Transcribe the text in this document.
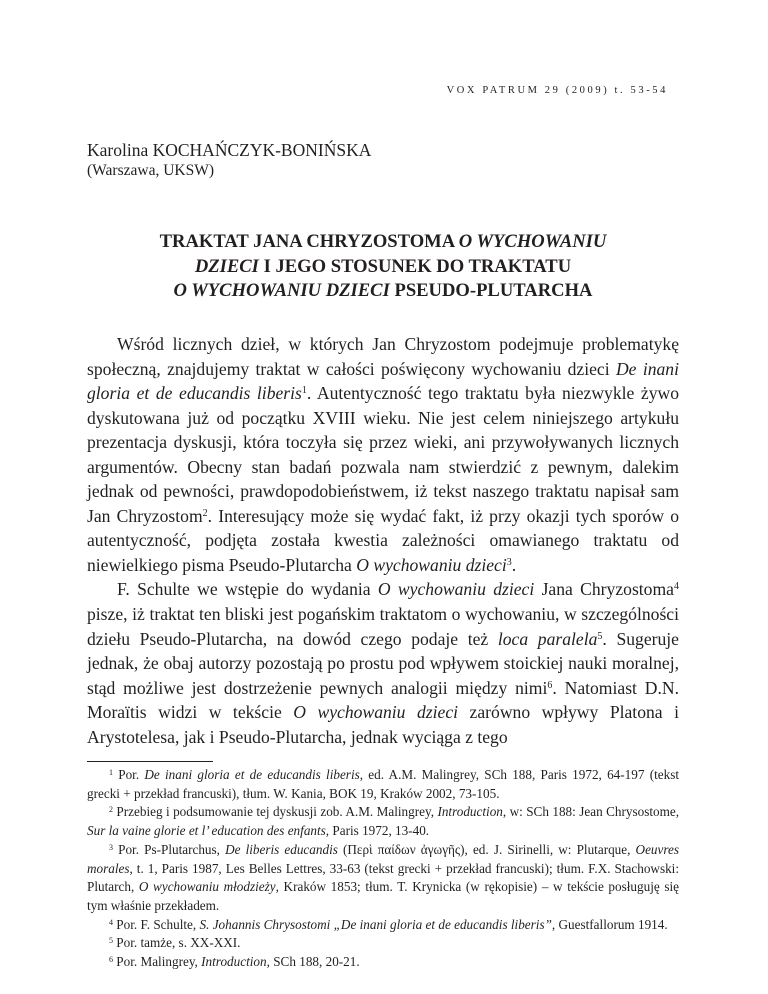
VOX PATRUM 29 (2009) t. 53-54
Karolina KOCHAŃCZYK-BONIŃSKA
(Warszawa, UKSW)
TRAKTAT JANA CHRYZOSTOMA O WYCHOWANIU
DZIECI I JEGO STOSUNEK DO TRAKTATU
O WYCHOWANIU DZIECI PSEUDO-PLUTARCHA

Wśród licznych dzieł, w których Jan Chryzostom podejmuje problematykę społeczną, znajdujemy traktat w całości poświęcony wychowaniu dzieci De inani gloria et de educandis liberis$^1$. Autentyczność tego traktatu była niezwykle żywo dyskutowana już od początku XVIII wieku. Nie jest celem niniejszego artykułu prezentacja dyskusji, która toczyła się przez wieki, ani przywoływanych licznych argumentów. Obecny stan badań pozwala nam stwierdzić z pewnym, dalekim jednak od pewności, prawdopodobieństwem, iż tekst naszego traktatu napisał sam Jan Chryzostom$^2$. Interesujący może się wydać fakt, iż przy okazji tych sporów o autentyczność, podjęta została kwestia zależności omawianego traktatu od niewielkiego pisma Pseudo-Plutarcha O wychowaniu dzieci$^3$.

F. Schulte we wstępie do wydania O wychowaniu dzieci Jana Chryzostoma$^4$ pisze, iż traktat ten bliski jest pogańskim traktatom o wychowaniu, w szczególności dziełu Pseudo-Plutarcha, na dowód czego podaje też loca paralela$^5$. Sugeruje jednak, że obaj autorzy pozostają po prostu pod wpływem stoickiej nauki moralnej, stąd możliwe jest dostrzeżenie pewnych analogii między nimi$^6$. Natomiast D.N. Moraïtis widzi w tekście O wychowaniu dzieci zarówno wpływy Platona i Arystotelesa, jak i Pseudo-Plutarcha, jednak wyciąga z tego

$^1$ Por. De inani gloria et de educandis liberis, ed. A.M. Malingrey, SCh 188, Paris 1972, 64-197 (tekst grecki + przekład francuski), tłum. W. Kania, BOK 19, Kraków 2002, 73-105.

$^2$ Przebieg i podsumowanie tej dyskusji zob. A.M. Malingrey, Introduction, w: SCh 188: Jean Chrysostome, Sur la vaine glorie et l’ education des enfants, Paris 1972, 13-40.

$^3$ Por. Ps-Plutarchus, De liberis educandis (Περὶ παίδων ἀγωγῆς), ed. J. Sirinelli, w: Plutarque, Oeuvres morales, t. 1, Paris 1987, Les Belles Lettres, 33-63 (tekst grecki + przekład francuski); tłum. F.X. Stachowski: Plutarch, O wychowaniu młodzieży, Kraków 1853; tłum. T. Krynicka (w rękopisie) – w tekście posługuję się tym właśnie przekładem.

$^4$ Por. F. Schulte, S. Johannis Chrysostomi „De inani gloria et de educandis liberis”, Guestfallorum 1914.

$^5$ Por. tamże, s. XX-XXI.

$^6$ Por. Malingrey, Introduction, SCh 188, 20-21.
